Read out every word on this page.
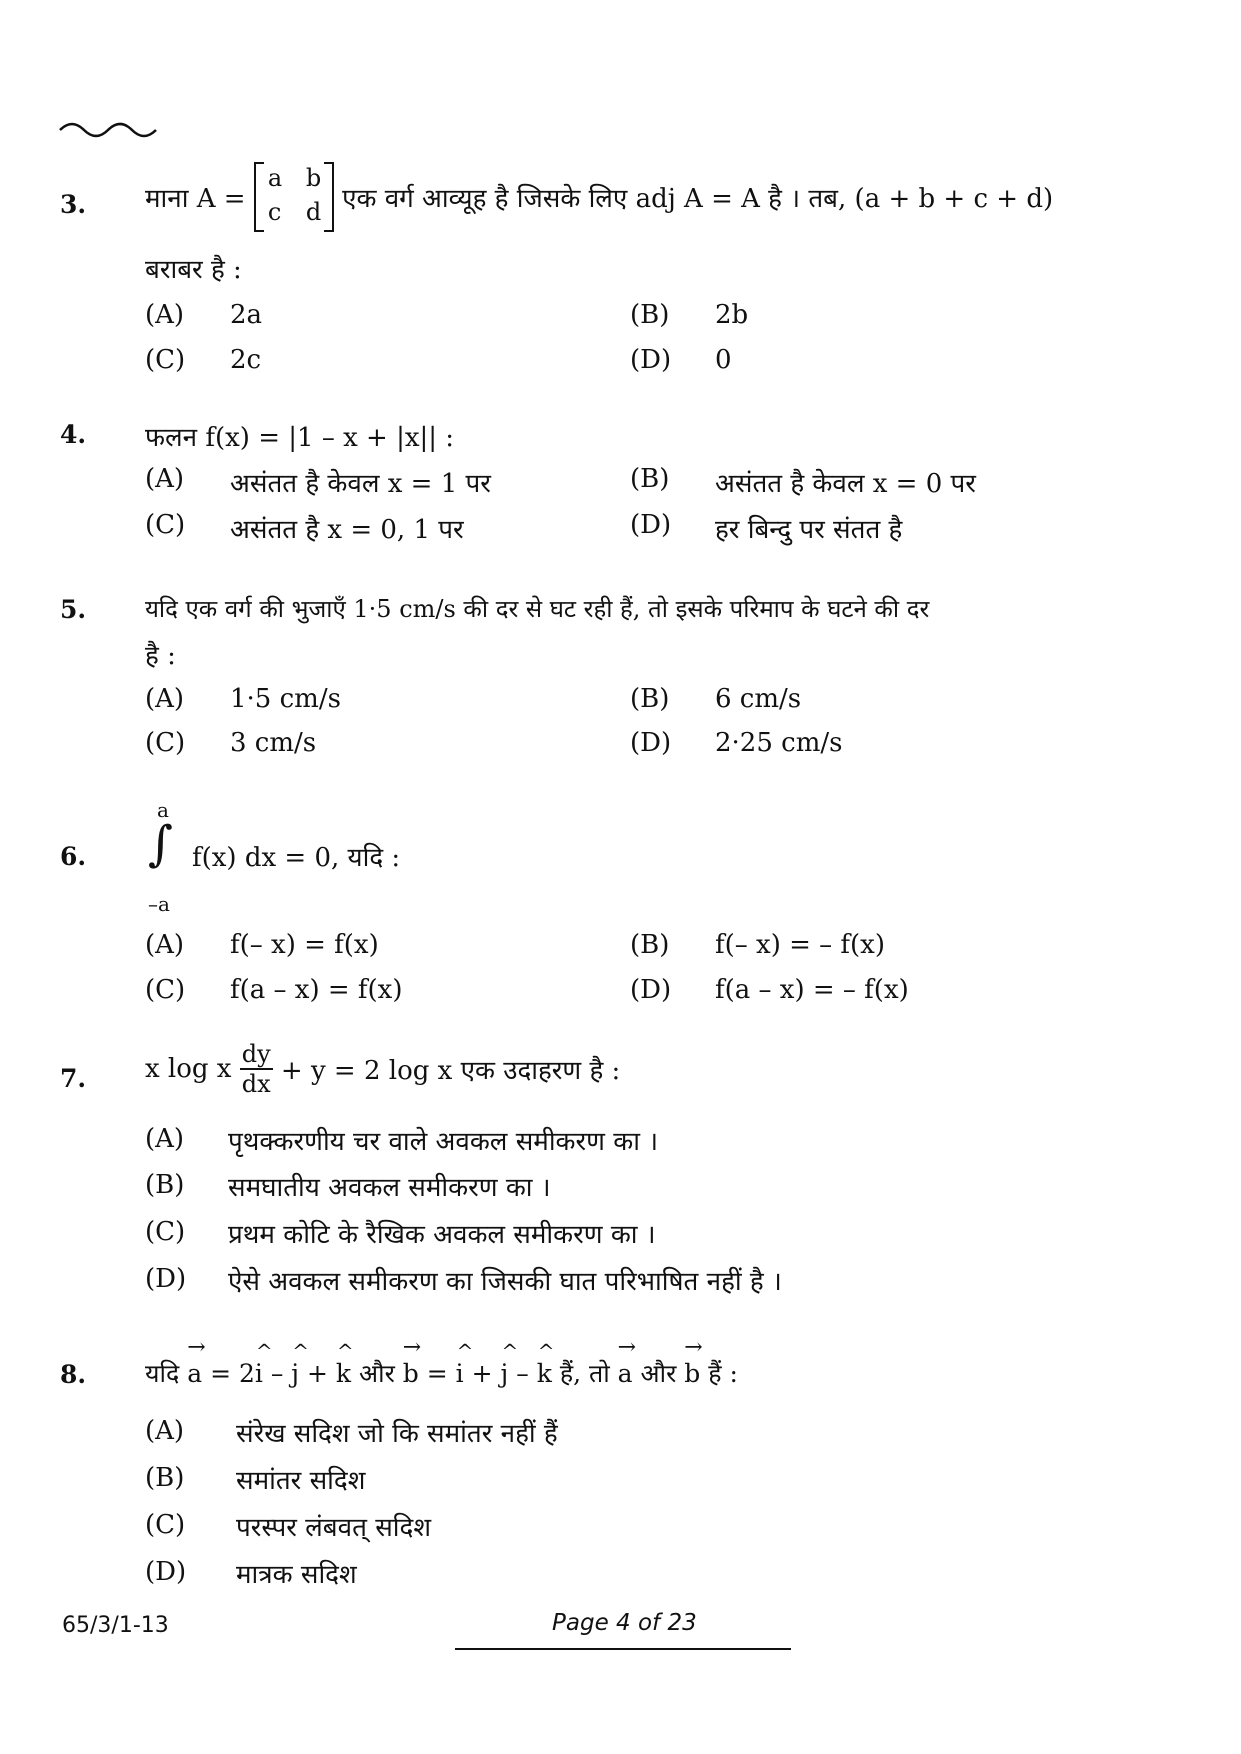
3. माना A =
a b
c d एक वर्ग आव्यूह है जिसके लिए adj A = A है । तब, (a + b + c + d)
बराबर है :
(A) 2a	(B) 2b
(C) 2c	(D) 0
4. फलन f(x) = |1 – x + |x|| :
(A) असंतत है केवल x = 1 पर	(B) असंतत है केवल x = 0 पर
(C) असंतत है x = 0, 1 पर	(D) हर बिन्दु पर संतत है
5. यदि एक वर्ग की भुजाएँ 1·5 cm/s की दर से घट रही हैं, तो इसके परिमाप के घटने की दर
है :
(A) 1·5 cm/s	(B) 6 cm/s
(C) 3 cm/s	(D) 2·25 cm/s
6.
a
∫
–a
f(x) dx = 0, यदि :
(A) f(– x) = f(x)	(B) f(– x) = – f(x)
(C) f(a – x) = f(x)	(D) f(a – x) = – f(x)
7. x log x $\frac{dy}{dx} + y = 2$ log x एक उदाहरण है :
(A) पृथक्करणीय चर वाले अवकल समीकरण का ।
(B) समघातीय अवकल समीकरण का ।
(C) प्रथम कोटि के रैखिक अवकल समीकरण का ।
(D) ऐसे अवकल समीकरण का जिसकी घात परिभाषित नहीं है ।
8. यदि
→
a = 2
^
i –
^
j +
^
k और
→
b =
^
i +
^
j –
^
k हैं, तो
→
a और
→
b हैं :
(A) संरेख सदिश जो कि समांतर नहीं हैं
(B) समांतर सदिश
(C) परस्पर लंबवत् सदिश
(D) मात्रक सदिश
65/3/1-13	Page 4 of 23
